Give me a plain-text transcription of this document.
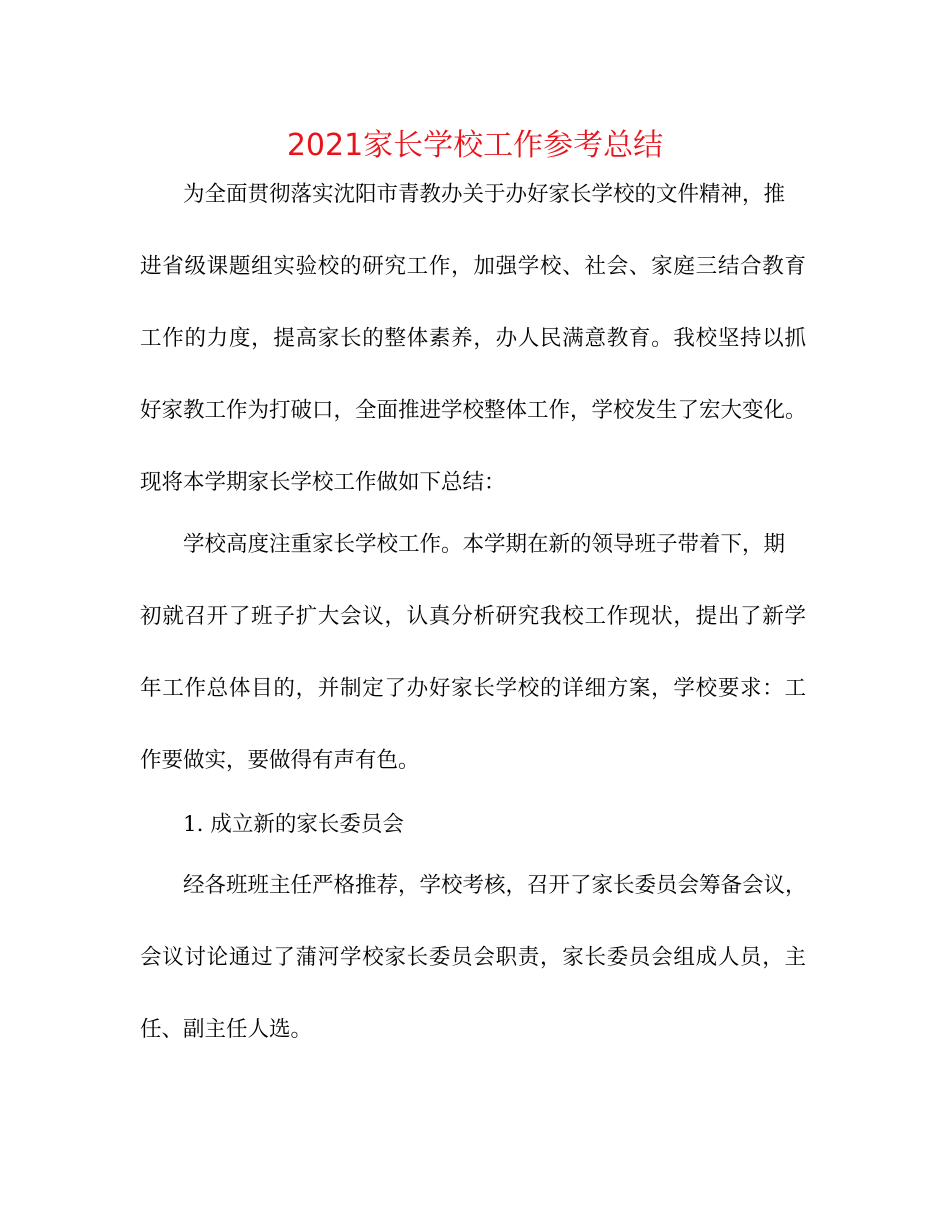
2021家长学校工作参考总结
为全面贯彻落实沈阳市青教办关于办好家长学校的文件精神，推
进省级课题组实验校的研究工作，加强学校、社会、家庭三结合教育
工作的力度，提高家长的整体素养，办人民满意教育。我校坚持以抓
好家教工作为打破口，全面推进学校整体工作，学校发生了宏大变化。
现将本学期家长学校工作做如下总结：
学校高度注重家长学校工作。本学期在新的领导班子带着下，期
初就召开了班子扩大会议，认真分析研究我校工作现状，提出了新学
年工作总体目的，并制定了办好家长学校的详细方案，学校要求：工
作要做实，要做得有声有色。
1. 成立新的家长委员会
经各班班主任严格推荐，学校考核，召开了家长委员会筹备会议，
会议讨论通过了蒲河学校家长委员会职责，家长委员会组成人员，主
任、副主任人选。
